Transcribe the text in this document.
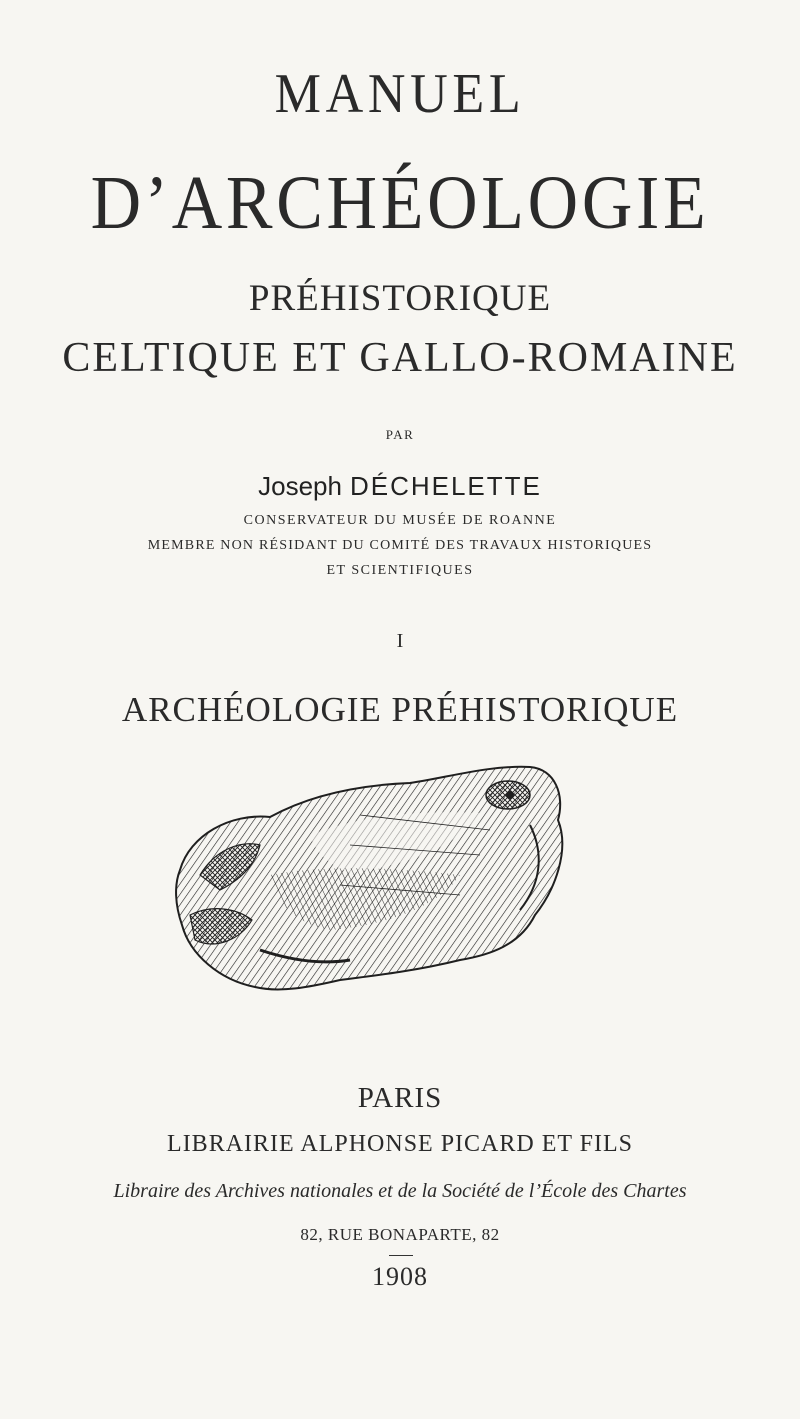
MANUEL
D’ARCHÉOLOGIE
PRÉHISTORIQUE
CELTIQUE ET GALLO-ROMAINE
PAR
Joseph DÉCHELETTE
CONSERVATEUR DU MUSÉE DE ROANNE
MEMBRE NON RÉSIDANT DU COMITÉ DES TRAVAUX HISTORIQUES
ET SCIENTIFIQUES
I
ARCHÉOLOGIE PRÉHISTORIQUE
PARIS
LIBRAIRIE ALPHONSE PICARD ET FILS
Libraire des Archives nationales et de la Société de l’École des Chartes
82, RUE BONAPARTE, 82
1908
